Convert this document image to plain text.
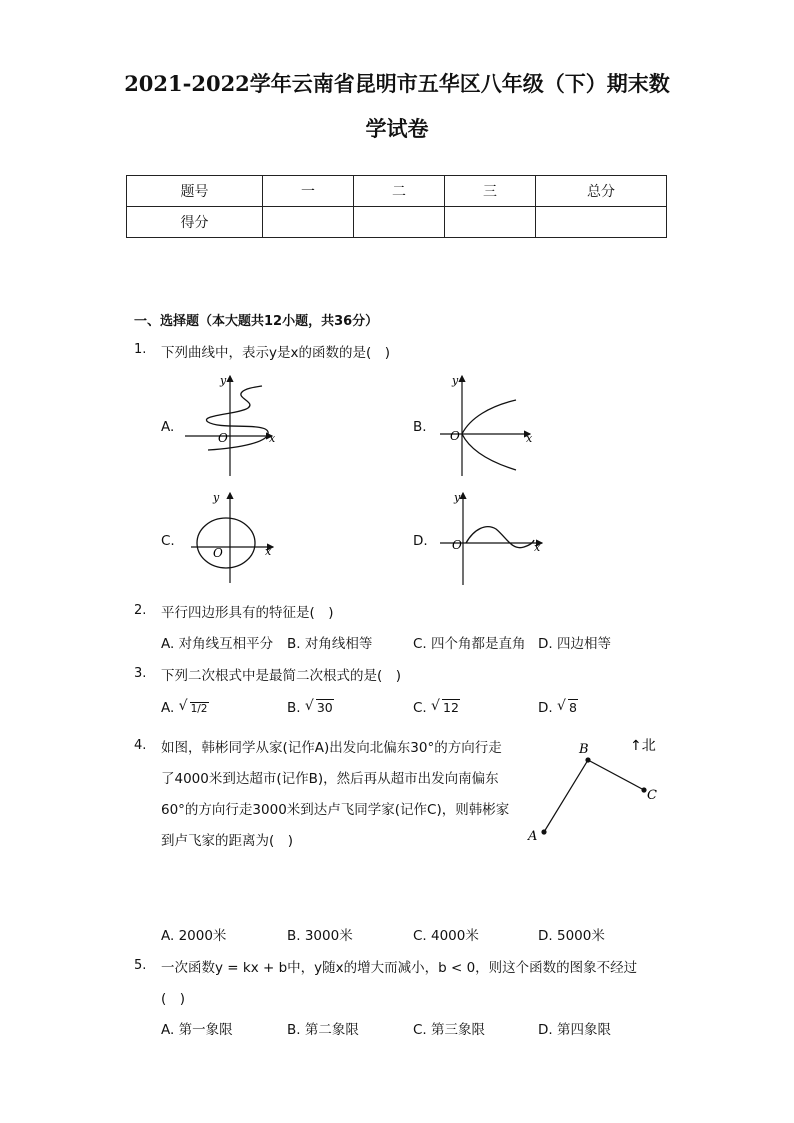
2021-2022学年云南省昆明市五华区八年级（下）期末数
学试卷
题号	一	二	三	总分
得分				
一、选择题（本大题共12小题，共36分）
1. 下列曲线中，表示y是x的函数的是(　)
A.	B.
C.	D.
O	x
y
O	x
y
O	x
y
O	x
y
2. 平行四边形具有的特征是(　)
A. 对角线互相平分 B. 对角线相等	C. 四个角都是直角 D. 四边相等
3. 下列二次根式中是最简二次根式的是(　)
A. √ 1/2	B. √ 30	C. √ 12	D. √ 8
4. 如图，韩彬同学从家(记作A)出发向北偏东30°的方向行走
了4000米到达超市(记作B)，然后再从超市出发向南偏东
60°的方向行走3000米到达卢飞同学家(记作C)，则韩彬家
到卢飞家的距离为(　)	A
B
C
↑北
A. 2000米	B. 3000米	C. 4000米	D. 5000米
5. 一次函数y = kx + b中，y随x的增大而减小，b < 0，则这个函数的图象不经过
(　)
A. 第一象限	B. 第二象限	C. 第三象限	D. 第四象限
